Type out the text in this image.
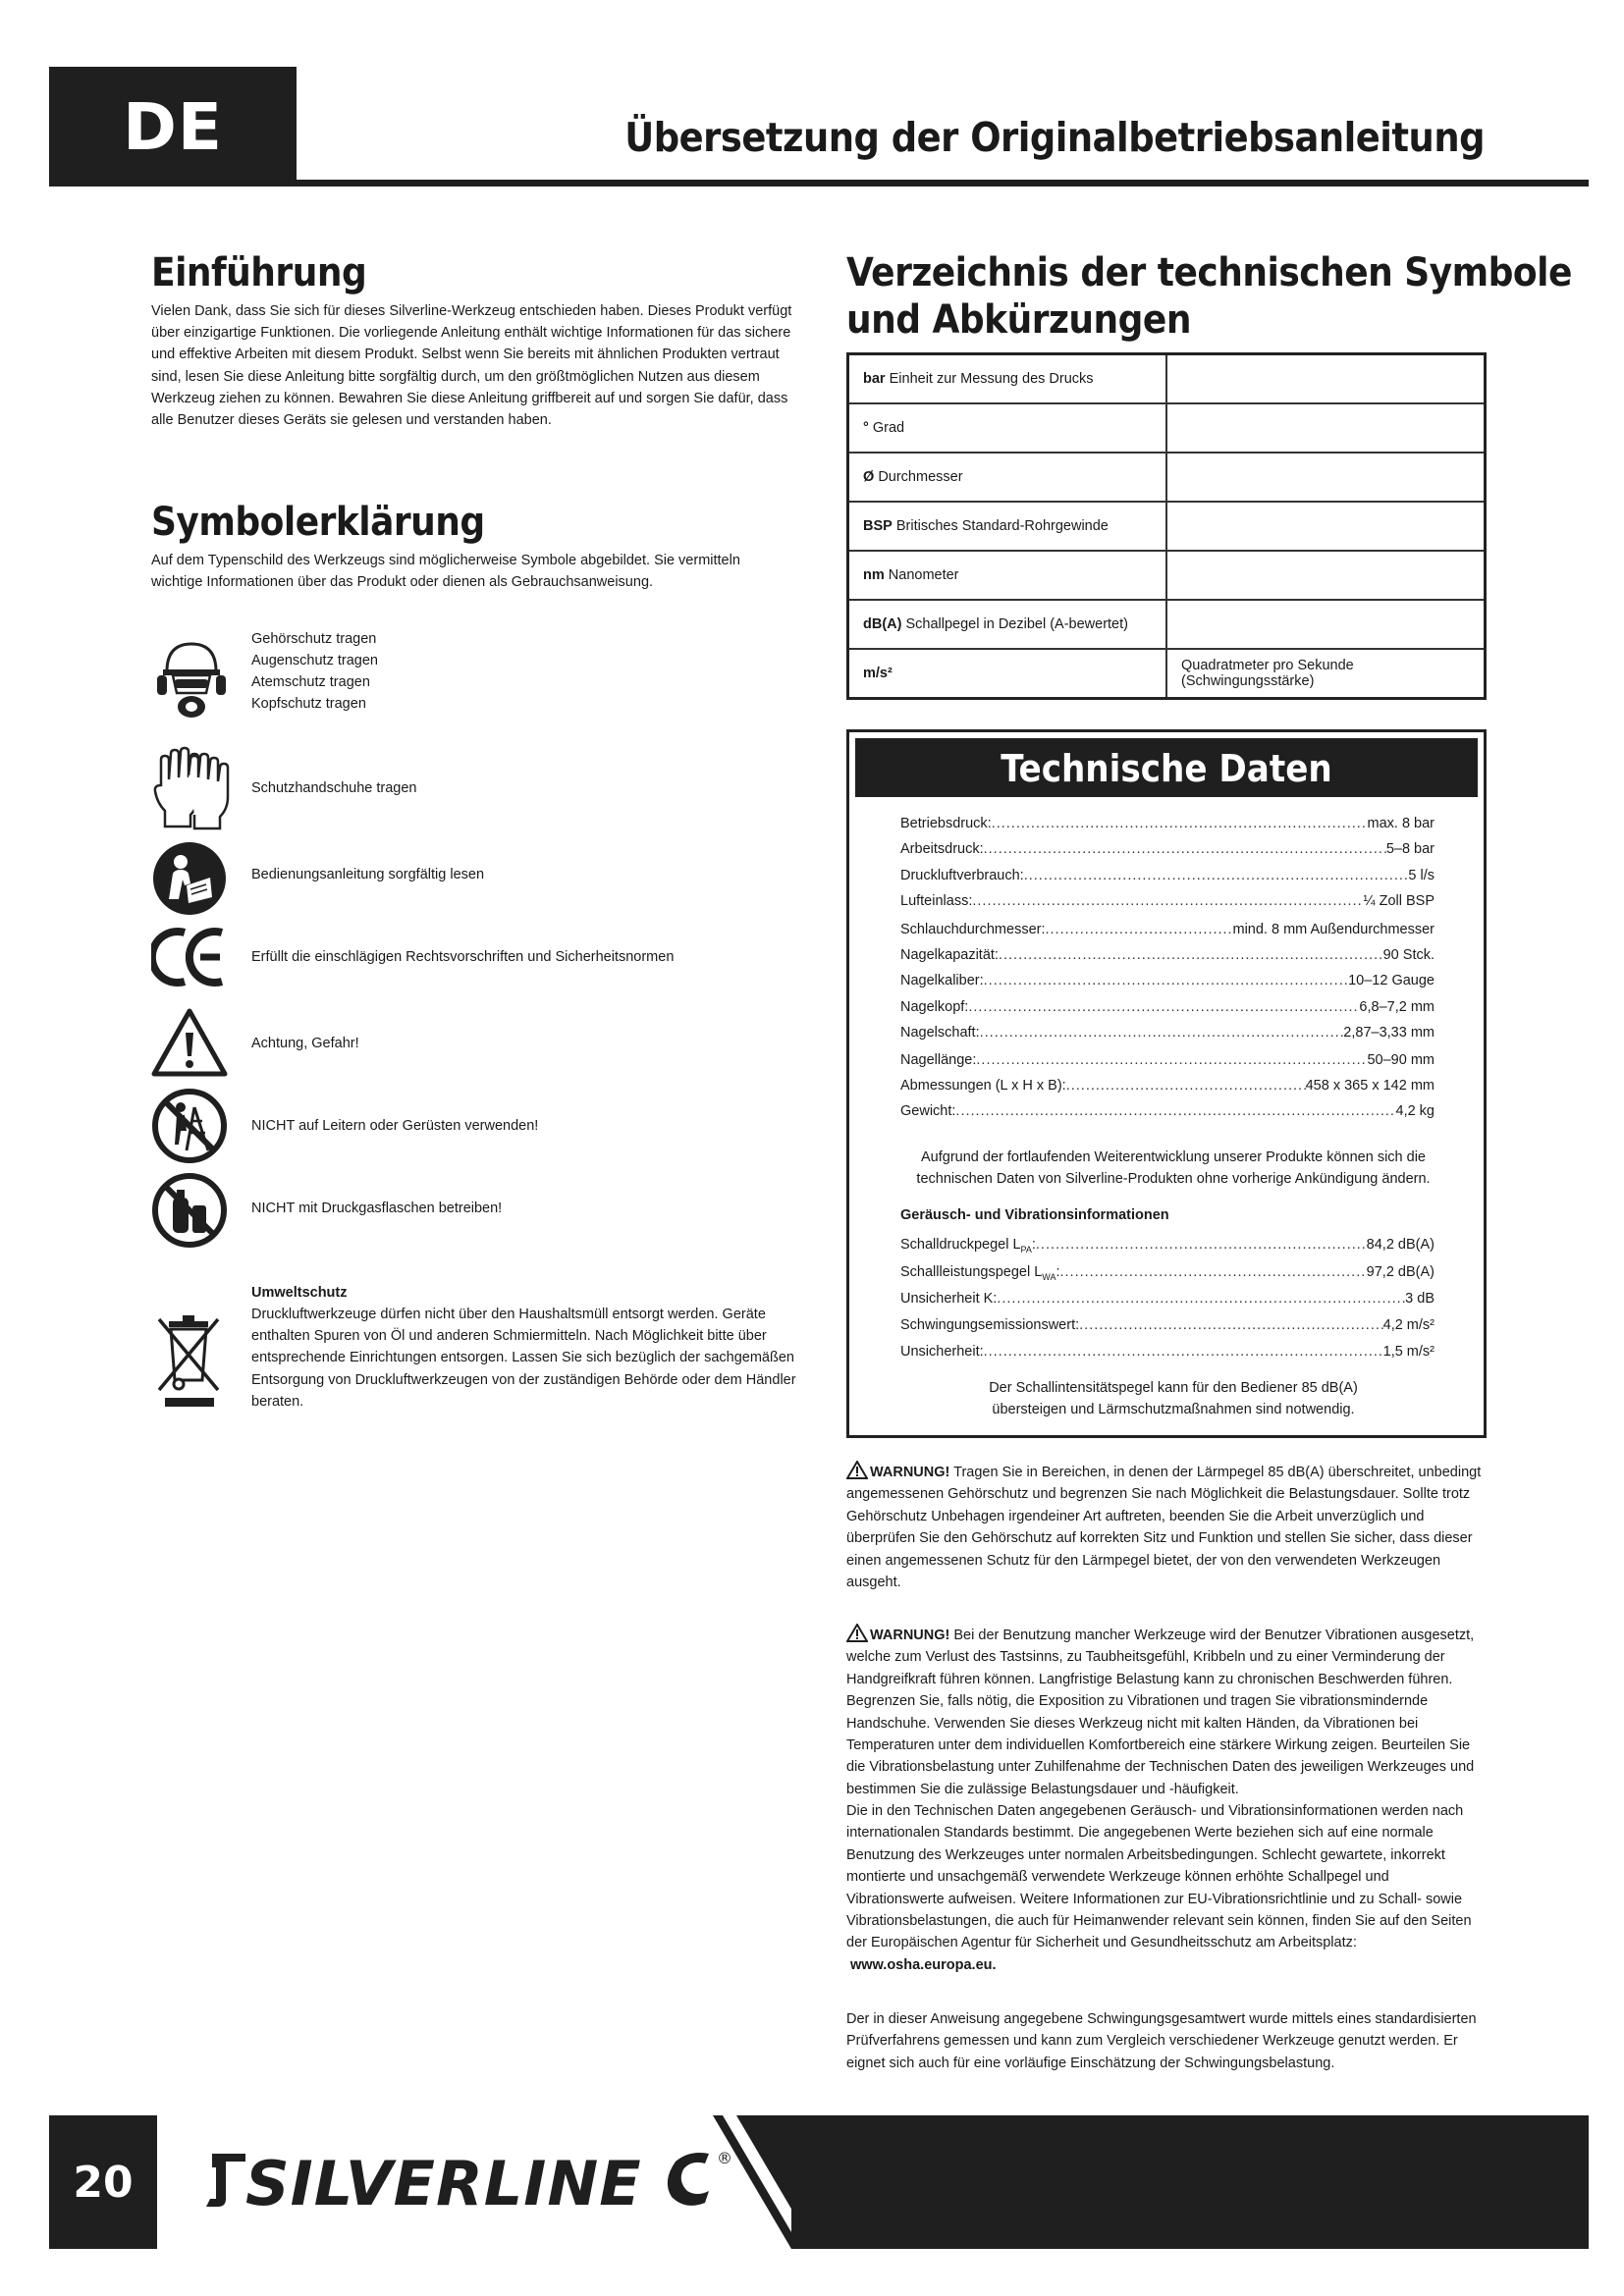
DE	Übersetzung der Originalbetriebsanleitung
Einführung

Vielen Dank, dass Sie sich für dieses Silverline-Werkzeug entschieden haben. Dieses Produkt verfügt über einzigartige Funktionen. Die vorliegende Anleitung enthält wichtige Informationen für das sichere und effektive Arbeiten mit diesem Produkt. Selbst wenn Sie bereits mit ähnlichen Produkten vertraut sind, lesen Sie diese Anleitung bitte sorgfältig durch, um den größtmöglichen Nutzen aus diesem Werkzeug ziehen zu können. Bewahren Sie diese Anleitung griffbereit auf und sorgen Sie dafür, dass alle Benutzer dieses Geräts sie gelesen und verstanden haben.

Symbolerklärung

Auf dem Typenschild des Werkzeugs sind möglicherweise Symbole abgebildet. Sie vermitteln wichtige Informationen über das Produkt oder dienen als Gebrauchsanweisung.

Gehörschutz tragen
Augenschutz tragen
Atemschutz tragen
Kopfschutz tragen
Schutzhandschuhe tragen
Bedienungsanleitung sorgfältig lesen
Erfüllt die einschlägigen Rechtsvorschriften und Sicherheitsnormen
Achtung, Gefahr!
NICHT auf Leitern oder Gerüsten verwenden!
NICHT mit Druckgasflaschen betreiben!
Umweltschutz

Druckluftwerkzeuge dürfen nicht über den Haushaltsmüll entsorgt werden. Geräte enthalten Spuren von Öl und anderen Schmiermitteln. Nach Möglichkeit bitte über entsprechende Einrichtungen entsorgen. Lassen Sie sich bezüglich der sachgemäßen Entsorgung von Druckluftwerkzeugen von der zuständigen Behörde oder dem Händler beraten.

Verzeichnis der technischen Symbole
und Abkürzungen
bar Einheit zur Messung des Drucks	
° Grad	
Ø Durchmesser	
BSP Britisches Standard-Rohrgewinde	
nm Nanometer	
dB(A) Schallpegel in Dezibel (A-bewertet)	
m/s²	Quadratmeter pro Sekunde (Schwingungsstärke)
Technische Daten
Betriebsdruck: .....	max. 8 bar
Arbeitsdruck: .....	5–8 bar
Druckluftverbrauch: .....	5 l/s
Lufteinlass: .....	¼ Zoll BSP
Schlauchdurchmesser: .....	mind. 8 mm Außendurchmesser
Nagelkapazität: .....	90 Stck.
Nagelkaliber: .....	10–12 Gauge
Nagelkopf: .....	6,8–7,2 mm
Nagelschaft: .....	2,87–3,33 mm
Nagellänge: .....	50–90 mm
Abmessungen (L x H x B): .....	458 x 365 x 142 mm
Gewicht: .....	4,2 kg
Aufgrund der fortlaufenden Weiterentwicklung unserer Produkte können sich die technischen Daten von Silverline-Produkten ohne vorherige Ankündigung ändern.
Geräusch- und Vibrationsinformationen
Schalldruckpegel $L_{PA}$: .....	84,2 dB(A)
Schallleistungspegel $L_{WA}$: .....	97,2 dB(A)
Unsicherheit K: .....	3 dB
Schwingungsemissionswert: .....	4,2 m/s²
Unsicherheit: .....	1,5 m/s²
Der Schallintensitätspegel kann für den Bediener 85 dB(A) übersteigen und Lärmschutzmaßnahmen sind notwendig.

WARNUNG! Tragen Sie in Bereichen, in denen der Lärmpegel 85 dB(A) überschreitet, unbedingt angemessenen Gehörschutz und begrenzen Sie nach Möglichkeit die Belastungsdauer. Sollte trotz Gehörschutz Unbehagen irgendeiner Art auftreten, beenden Sie die Arbeit unverzüglich und überprüfen Sie den Gehörschutz auf korrekten Sitz und Funktion und stellen Sie sicher, dass dieser einen angemessenen Schutz für den Lärmpegel bietet, der von den verwendeten Werkzeugen ausgeht.

WARNUNG! Bei der Benutzung mancher Werkzeuge wird der Benutzer Vibrationen ausgesetzt, welche zum Verlust des Tastsinns, zu Taubheitsgefühl, Kribbeln und zu einer Verminderung der Handgreifkraft führen können. Langfristige Belastung kann zu chronischen Beschwerden führen. Begrenzen Sie, falls nötig, die Exposition zu Vibrationen und tragen Sie vibrationsmindernde Handschuhe. Verwenden Sie dieses Werkzeug nicht mit kalten Händen, da Vibrationen bei Temperaturen unter dem individuellen Komfortbereich eine stärkere Wirkung zeigen. Beurteilen Sie die Vibrationsbelastung unter Zuhilfenahme der Technischen Daten des jeweiligen Werkzeuges und bestimmen Sie die zulässige Belastungsdauer und -häufigkeit.

Die in den Technischen Daten angegebenen Geräusch- und Vibrationsinformationen werden nach internationalen Standards bestimmt. Die angegebenen Werte beziehen sich auf eine normale Benutzung des Werkzeuges unter normalen Arbeitsbedingungen. Schlecht gewartete, inkorrekt montierte und unsachgemäß verwendete Werkzeuge können erhöhte Schallpegel und Vibrationswerte aufweisen. Weitere Informationen zur EU-Vibrationsrichtlinie und zu Schall- sowie Vibrationsbelastungen, die auch für Heimanwender relevant sein können, finden Sie auf den Seiten der Europäischen Agentur für Sicherheit und Gesundheitsschutz am Arbeitsplatz:
www.osha.europa.eu.

Der in dieser Anweisung angegebene Schwingungsgesamtwert wurde mittels eines standardisierten Prüfverfahrens gemessen und kann zum Vergleich verschiedener Werkzeuge genutzt werden. Er eignet sich auch für eine vorläufige Einschätzung der Schwingungsbelastung.

20	SILVERLINE	®
